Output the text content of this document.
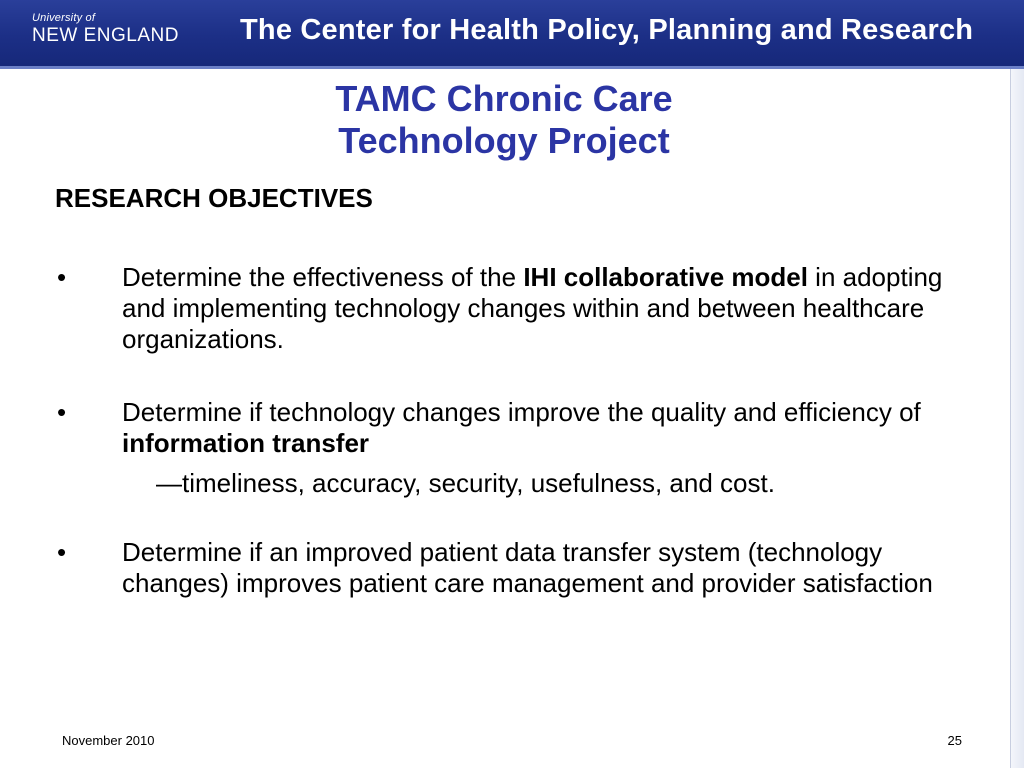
University of
NEW ENGLAND The Center for Health Policy, Planning and Research
TAMC Chronic Care
Technology Project
RESEARCH OBJECTIVES
• Determine the effectiveness of the IHI collaborative model in adopting and implementing technology changes within and between healthcare organizations.
• Determine if technology changes improve the quality and efficiency of information transfer
—timeliness, accuracy, security, usefulness, and cost.
• Determine if an improved patient data transfer system (technology changes) improves patient care management and provider satisfaction
November 2010	25
